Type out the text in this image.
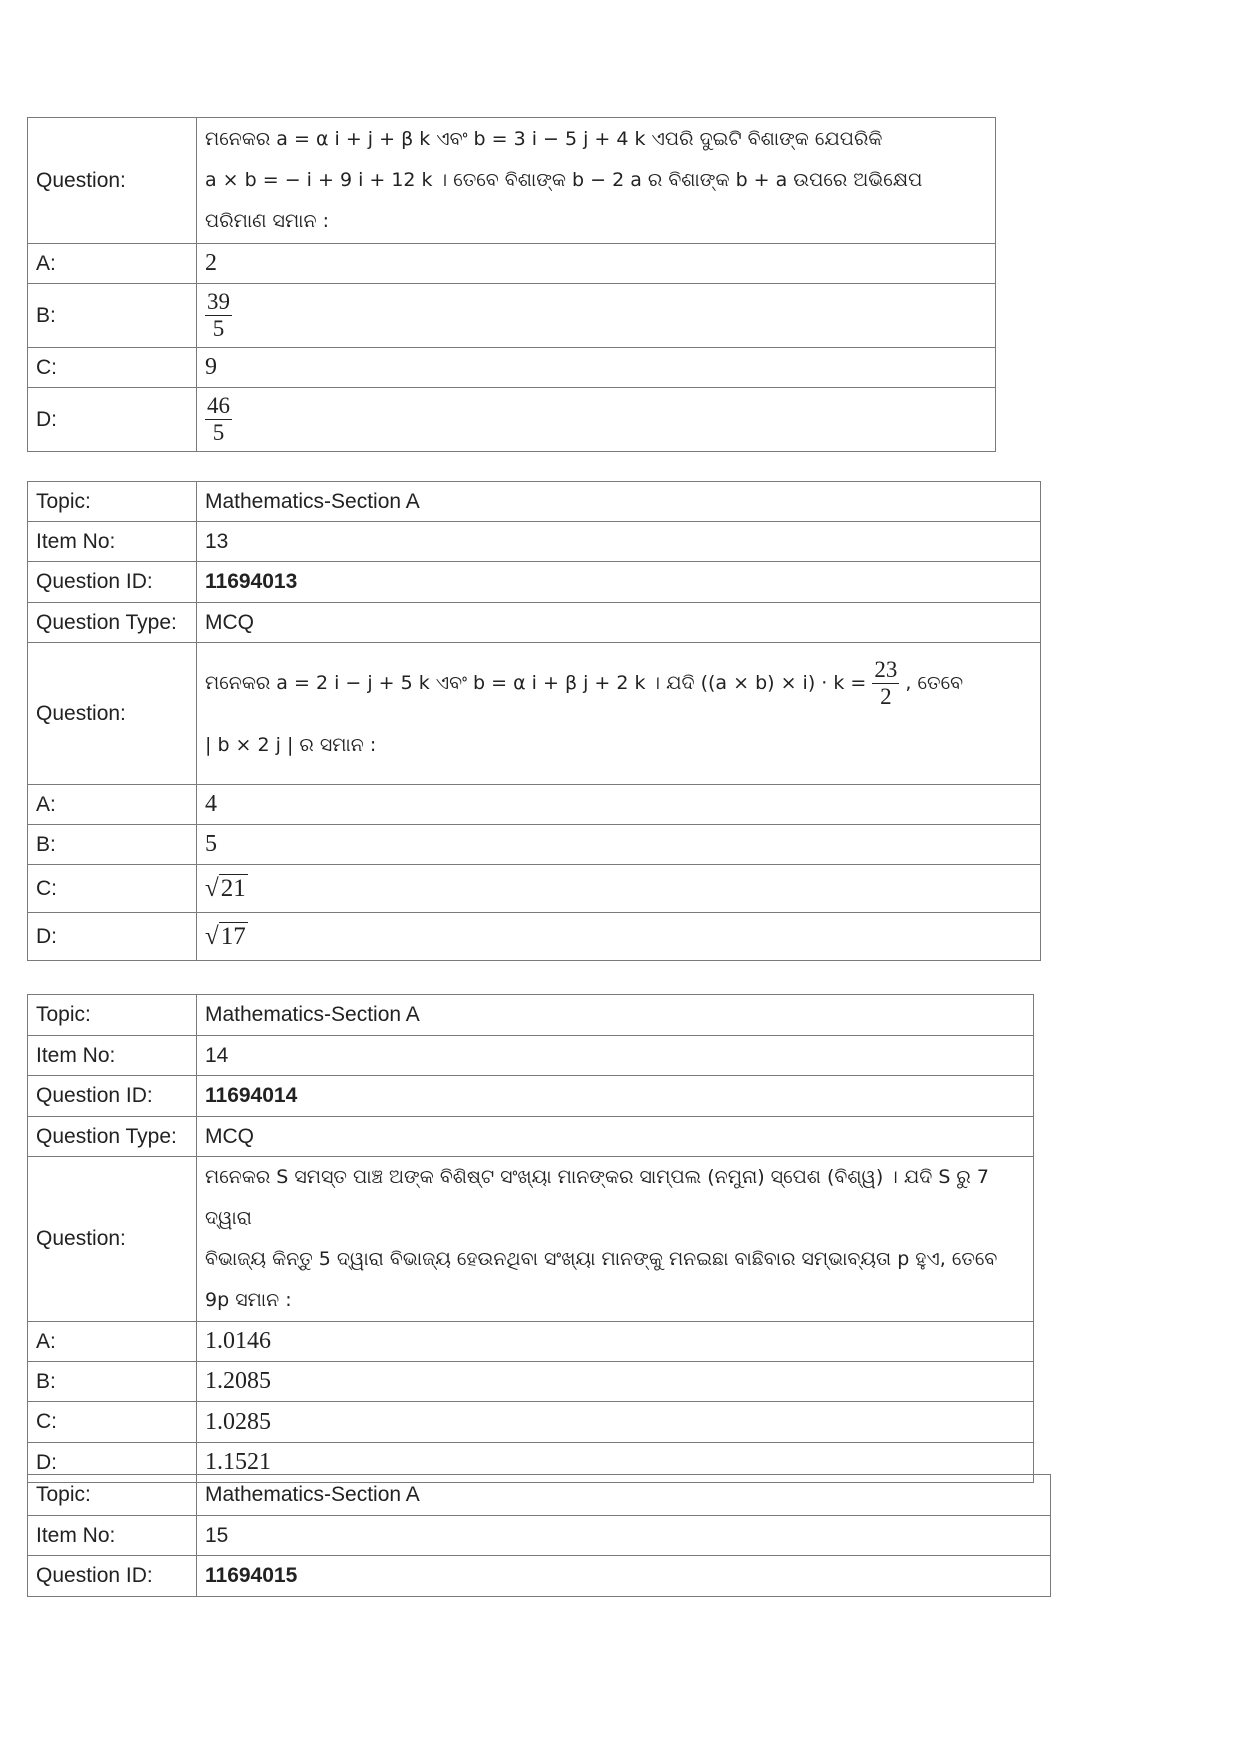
Question:	ମନେକର a = α i + j + β k ଏବଂ b = 3 i − 5 j + 4 k ଏପରି ଦୁଇଟି ବିଶାଙ୍କ ଯେପରିକି
a × b = − i + 9 i + 12 k । ତେବେ ବିଶାଙ୍କ b − 2 a ର ବିଶାଙ୍କ b + a ଉପରେ ଅଭିକ୍ଷେପ
ପରିମାଣ ସମାନ :

A:	2
B:	$\frac{39}{5}$

C:	9
D:	$\frac{46}{5}$
Topic:	Mathematics-Section A
Item No:	13
Question ID:	11694013
Question Type:	MCQ
Question:	ମନେକର a = 2 i − j + 5 k ଏବଂ b = α i + β j + 2 k । ଯଦି $((a \times b) \times i) \cdot k = \frac{23}{2}$ , ତେବେ
| b × 2 j | ର ସମାନ :

A:	4
B:	5
C:	√21
D:	√17
Topic:	Mathematics-Section A
Item No:	14
Question ID:	11694014
Question Type:	MCQ
Question:	ମନେକର S ସମସ୍ତ ପାଞ୍ଚ ଅଙ୍କ ବିଶିଷ୍ଟ ସଂଖ୍ୟା ମାନଙ୍କର ସାମ୍ପଲ (ନମୁନା) ସ୍ପେଶ (ବିଶ୍ୱ) । ଯଦି S ରୁ 7 ଦ୍ୱାରା
ବିଭାଜ୍ୟ କିନ୍ତୁ 5 ଦ୍ୱାରା ବିଭାଜ୍ୟ ହେଉନଥିବା ସଂଖ୍ୟା ମାନଙ୍କୁ ମନଇଛା ବାଛିବାର ସମ୍ଭାବ୍ୟତା p ହୁଏ, ତେବେ
9p ସମାନ :

A:	1.0146
B:	1.2085
C:	1.0285
D:	1.1521
Topic:	Mathematics-Section A
Item No:	15
Question ID:	11694015
